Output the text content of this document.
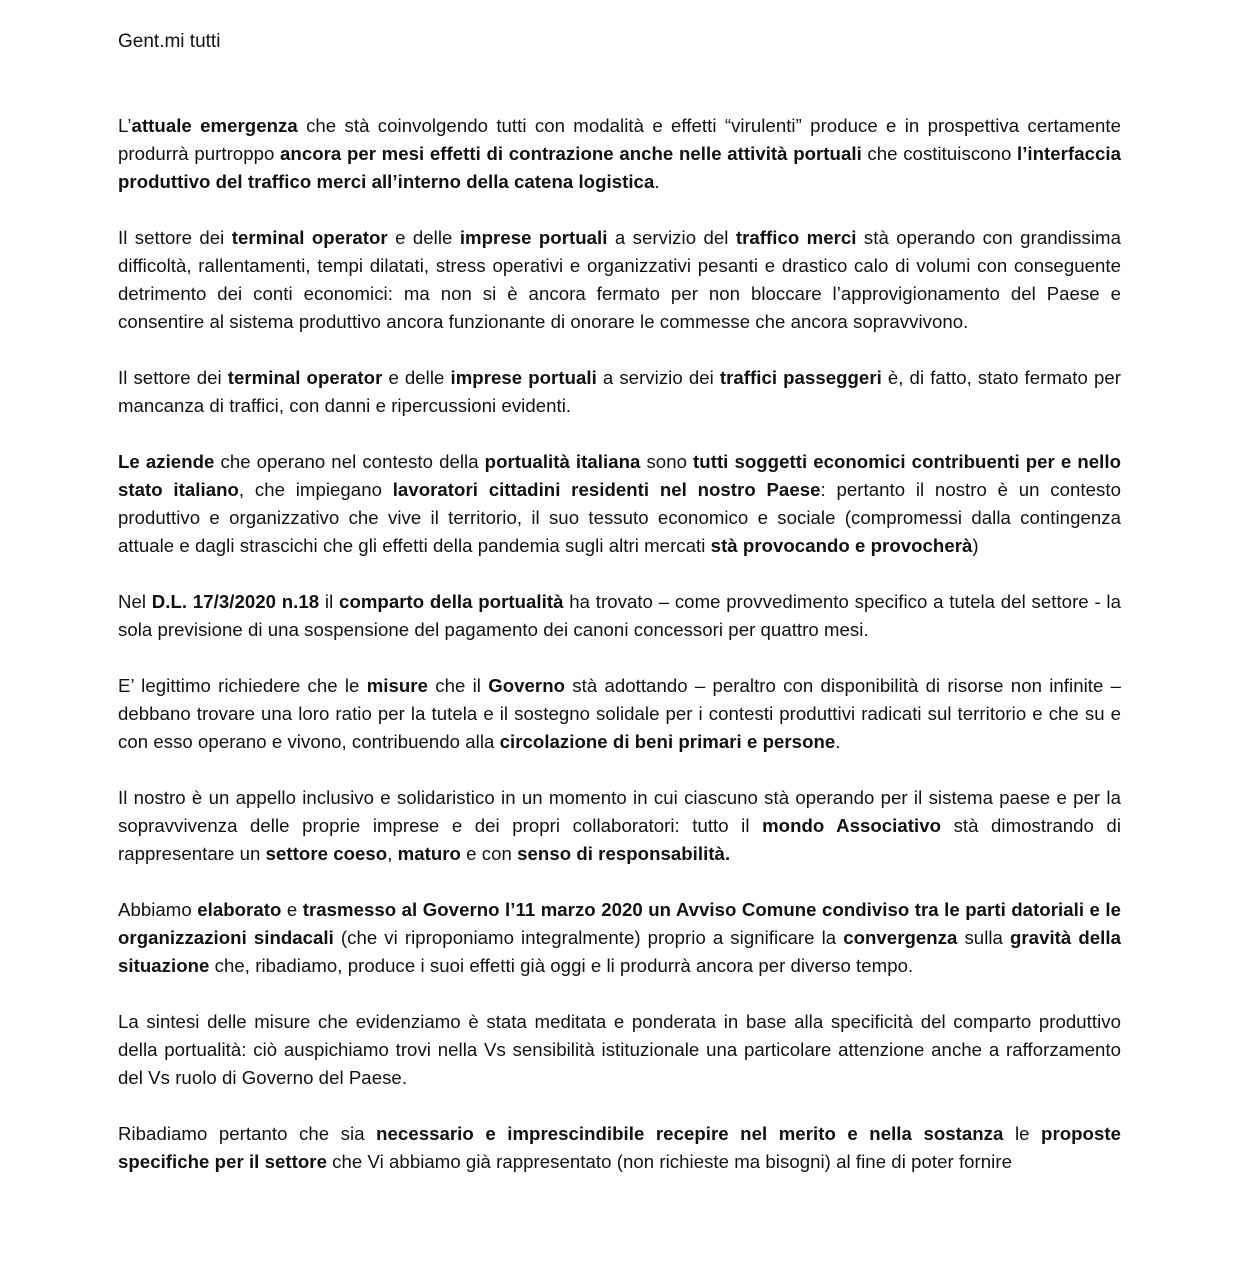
Gent.mi tutti

L’attuale emergenza che stà coinvolgendo tutti con modalità e effetti “virulenti” produce e in prospettiva certamente produrrà purtroppo ancora per mesi effetti di contrazione anche nelle attività portuali che costituiscono l’interfaccia produttivo del traffico merci all’interno della catena logistica.

Il settore dei terminal operator e delle imprese portuali a servizio del traffico merci stà operando con grandissima difficoltà, rallentamenti, tempi dilatati, stress operativi e organizzativi pesanti e drastico calo di volumi con conseguente detrimento dei conti economici: ma non si è ancora fermato per non bloccare l’approvigionamento del Paese e consentire al sistema produttivo ancora funzionante di onorare le commesse che ancora sopravvivono.

Il settore dei terminal operator e delle imprese portuali a servizio dei traffici passeggeri è, di fatto, stato fermato per mancanza di traffici, con danni e ripercussioni evidenti.

Le aziende che operano nel contesto della portualità italiana sono tutti soggetti economici contribuenti per e nello stato italiano, che impiegano lavoratori cittadini residenti nel nostro Paese: pertanto il nostro è un contesto produttivo e organizzativo che vive il territorio, il suo tessuto economico e sociale (compromessi dalla contingenza attuale e dagli strascichi che gli effetti della pandemia sugli altri mercati stà provocando e provocherà)

Nel D.L. 17/3/2020 n.18 il comparto della portualità ha trovato – come provvedimento specifico a tutela del settore - la sola previsione di una sospensione del pagamento dei canoni concessori per quattro mesi.

E’ legittimo richiedere che le misure che il Governo stà adottando – peraltro con disponibilità di risorse non infinite – debbano trovare una loro ratio per la tutela e il sostegno solidale per i contesti produttivi radicati sul territorio e che su e con esso operano e vivono, contribuendo alla circolazione di beni primari e persone.

Il nostro è un appello inclusivo e solidaristico in un momento in cui ciascuno stà operando per il sistema paese e per la sopravvivenza delle proprie imprese e dei propri collaboratori: tutto il mondo Associativo stà dimostrando di rappresentare un settore coeso, maturo e con senso di responsabilità.

Abbiamo elaborato e trasmesso al Governo l’11 marzo 2020 un Avviso Comune condiviso tra le parti datoriali e le organizzazioni sindacali (che vi riproponiamo integralmente) proprio a significare la convergenza sulla gravità della situazione che, ribadiamo, produce i suoi effetti già oggi e li produrrà ancora per diverso tempo.

La sintesi delle misure che evidenziamo è stata meditata e ponderata in base alla specificità del comparto produttivo della portualità: ciò auspichiamo trovi nella Vs sensibilità istituzionale una particolare attenzione anche a rafforzamento del Vs ruolo di Governo del Paese.

Ribadiamo pertanto che sia necessario e imprescindibile recepire nel merito e nella sostanza le proposte specifiche per il settore che Vi abbiamo già rappresentato (non richieste ma bisogni) al fine di poter fornire
